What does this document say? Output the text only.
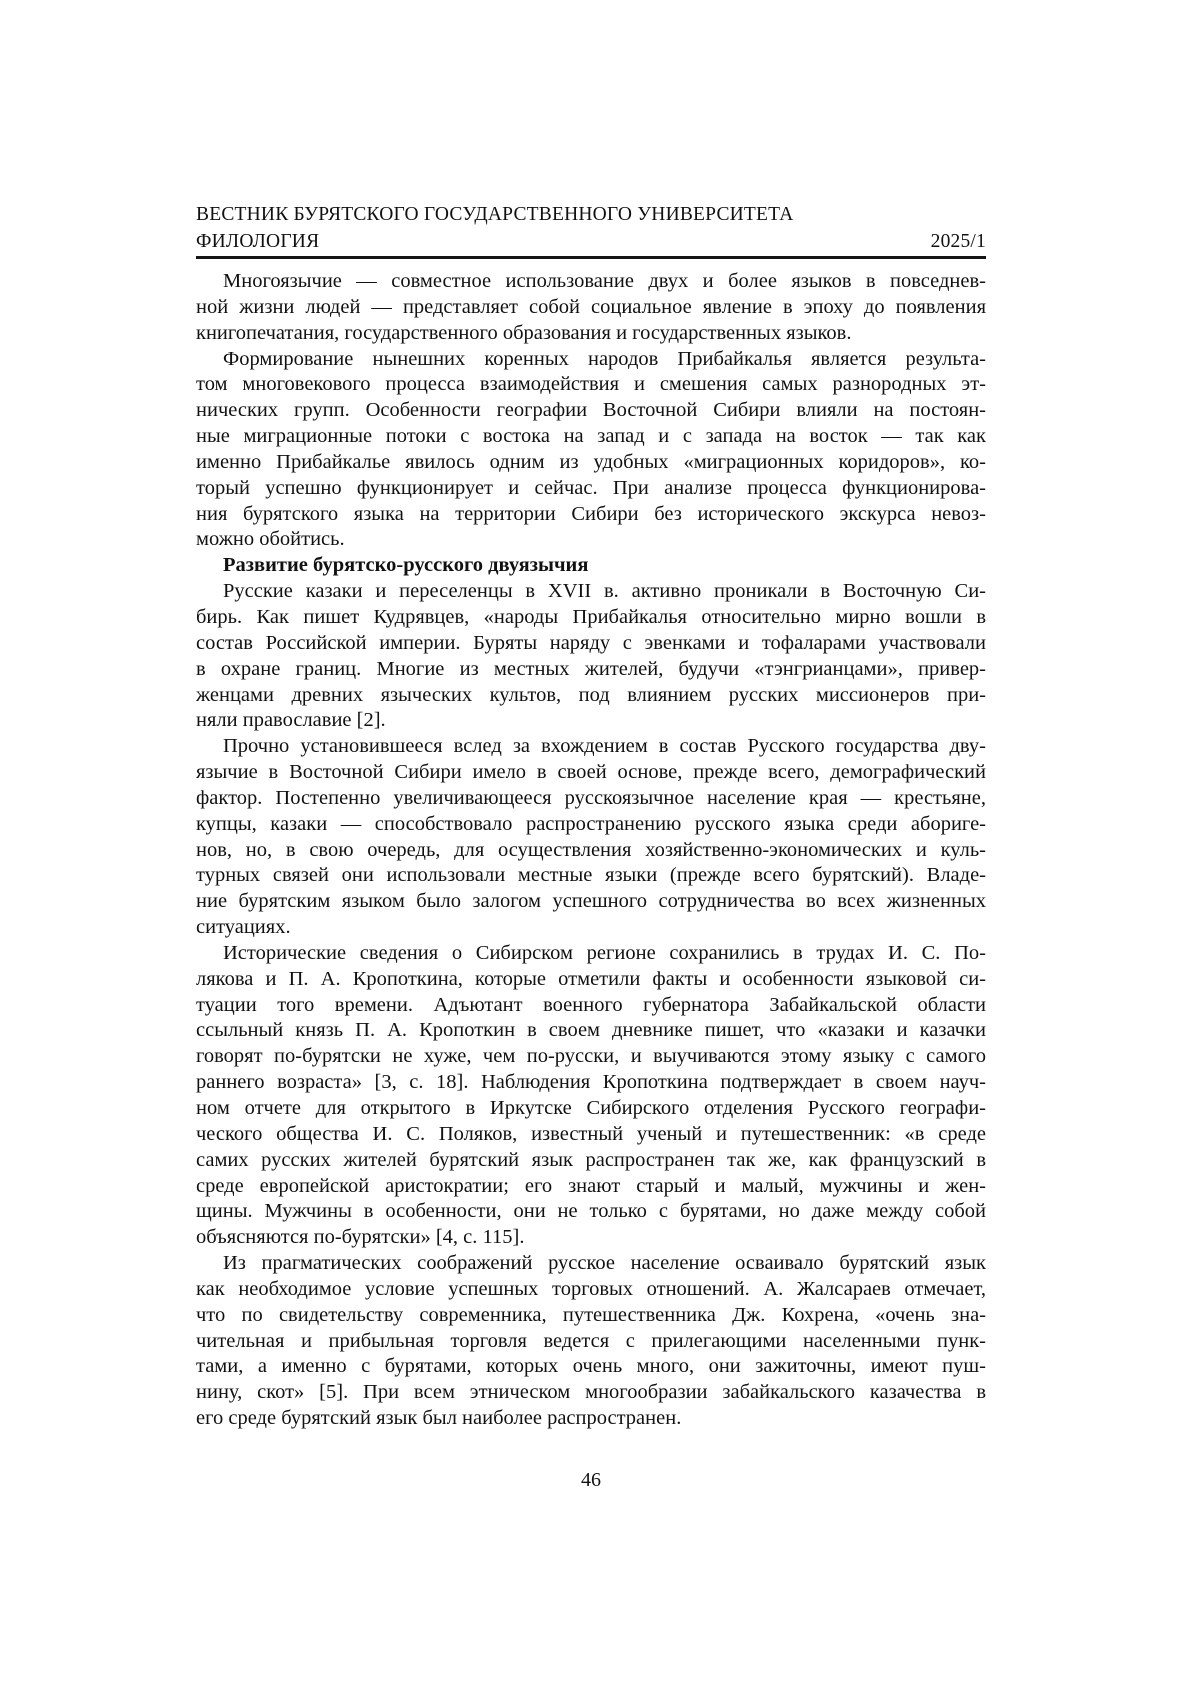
ВЕСТНИК БУРЯТСКОГО ГОСУДАРСТВЕННОГО УНИВЕРСИТЕТА
ФИЛОЛОГИЯ	2025/1
Многоязычие — совместное использование двух и более языков в повседнев-
ной жизни людей — представляет собой социальное явление в эпоху до появления
книгопечатания, государственного образования и государственных языков.
Формирование нынешних коренных народов Прибайкалья является результа-
том многовекового процесса взаимодействия и смешения самых разнородных эт-
нических групп. Особенности географии Восточной Сибири влияли на постоян-
ные миграционные потоки с востока на запад и с запада на восток — так как
именно Прибайкалье явилось одним из удобных «миграционных коридоров», ко-
торый успешно функционирует и сейчас. При анализе процесса функционирова-
ния бурятского языка на территории Сибири без исторического экскурса невоз-
можно обойтись.
Развитие бурятско-русского двуязычия
Русские казаки и переселенцы в XVII в. активно проникали в Восточную Си-
бирь. Как пишет Кудрявцев, «народы Прибайкалья относительно мирно вошли в
состав Российской империи. Буряты наряду с эвенками и тофаларами участвовали
в охране границ. Многие из местных жителей, будучи «тэнгрианцами», привер-
женцами древних языческих культов, под влиянием русских миссионеров при-
няли православие [2].
Прочно установившееся вслед за вхождением в состав Русского государства дву-
язычие в Восточной Сибири имело в своей основе, прежде всего, демографический
фактор. Постепенно увеличивающееся русскоязычное население края — крестьяне,
купцы, казаки — способствовало распространению русского языка среди абориге-
нов, но, в свою очередь, для осуществления хозяйственно-экономических и куль-
турных связей они использовали местные языки (прежде всего бурятский). Владе-
ние бурятским языком было залогом успешного сотрудничества во всех жизненных
ситуациях.
Исторические сведения о Сибирском регионе сохранились в трудах И. С. По-
лякова и П. А. Кропоткина, которые отметили факты и особенности языковой си-
туации того времени. Адъютант военного губернатора Забайкальской области
ссыльный князь П. А. Кропоткин в своем дневнике пишет, что «казаки и казачки
говорят по-бурятски не хуже, чем по-русски, и выучиваются этому языку с самого
раннего возраста» [3, с. 18]. Наблюдения Кропоткина подтверждает в своем науч-
ном отчете для открытого в Иркутске Сибирского отделения Русского географи-
ческого общества И. С. Поляков, известный ученый и путешественник: «в среде
самих русских жителей бурятский язык распространен так же, как французский в
среде европейской аристократии; его знают старый и малый, мужчины и жен-
щины. Мужчины в особенности, они не только с бурятами, но даже между собой
объясняются по-бурятски» [4, с. 115].
Из прагматических соображений русское население осваивало бурятский язык
как необходимое условие успешных торговых отношений. А. Жалсараев отмечает,
что по свидетельству современника, путешественника Дж. Кохрена, «очень зна-
чительная и прибыльная торговля ведется с прилегающими населенными пунк-
тами, а именно с бурятами, которых очень много, они зажиточны, имеют пуш-
нину, скот» [5]. При всем этническом многообразии забайкальского казачества в
его среде бурятский язык был наиболее распространен.
46
